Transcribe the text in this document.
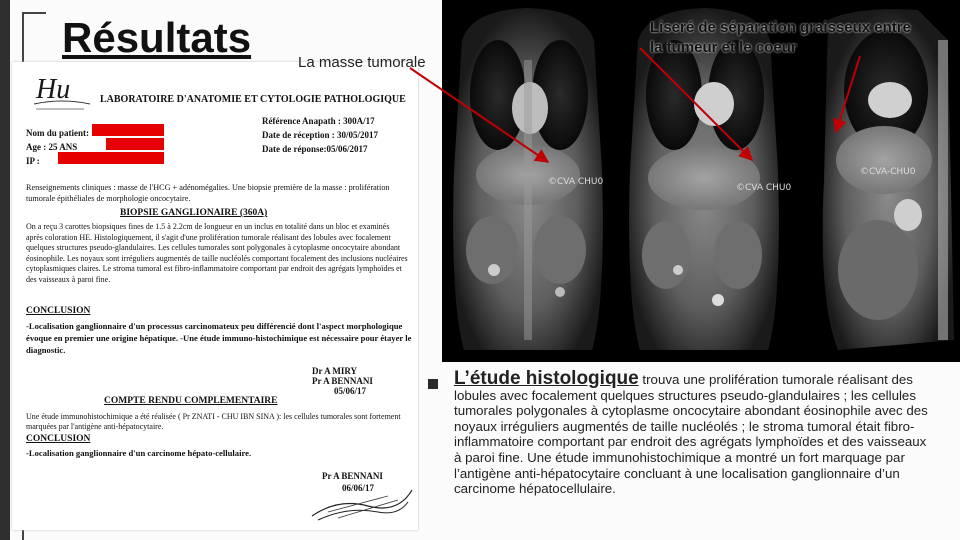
Résultats
Hu	LABORATOIRE D'ANATOMIE ET CYTOLOGIE PATHOLOGIQUE
Référence Anapath : 300A/17
Date de réception : 30/05/2017
Date de réponse:05/06/2017
Nom du patient:
Age : 25 ANS
IP :
Renseignements cliniques : masse de l'HCG + adénomégalies. Une biopsie première de la masse : prolifération tumorale épithéliales de morphologie oncocytaire.
BIOPSIE GANGLIONAIRE (360A)
On a reçu 3 carottes biopsiques fines de 1.5 à 2.2cm de longueur en un inclus en totalité dans un bloc et examinés après coloration HE. Histologiquement, il s'agit d'une prolifération tumorale réalisant des lobules avec focalement quelques structures pseudo-glandulaires. Les cellules tumorales sont polygonales à cytoplasme oncocytaire abondant éosinophile. Les noyaux sont irréguliers augmentés de taille nucléolés comportant focalement des inclusions nucléaires cytoplasmiques claires. Le stroma tumoral est fibro-inflammatoire comportant par endroit des agrégats lymphoïdes et des vaisseaux à paroi fine.
CONCLUSION
-Localisation ganglionnaire d'un processus carcinomateux peu différencié dont l'aspect morphologique évoque en premier une origine hépatique. -Une étude immuno-histochimique est nécessaire pour étayer le diagnostic.
Dr A MIRY
Pr A BENNANI
05/06/17
COMPTE RENDU COMPLEMENTAIRE
Une étude immunohistochimique a été réalisée ( Pr ZNATI - CHU IBN SINA ): les cellules tumorales sont fortement marquées par l'antigène anti-hépatocytaire.
CONCLUSION
-Localisation ganglionnaire d'un carcinome hépato-cellulaire.
Pr A BENNANI
06/06/17
©CVA CHU0
©CVA CHU0
©CVA-CHU0
La masse tumorale
Liseré de séparation graisseux entre la tumeur et le coeur
L’étude histologique trouva une prolifération tumorale réalisant des lobules avec focalement quelques structures pseudo-glandulaires ; les cellules tumorales polygonales à cytoplasme oncocytaire abondant éosinophile avec des noyaux irréguliers augmentés de taille nucléolés ; le stroma tumoral était fibro-inflammatoire comportant par endroit des agrégats lymphoïdes et des vaisseaux à paroi fine. Une étude immunohistochimique a montré un fort marquage par l’antigène anti-hépatocytaire concluant à une localisation ganglionnaire d’un carcinome hépatocellulaire.
